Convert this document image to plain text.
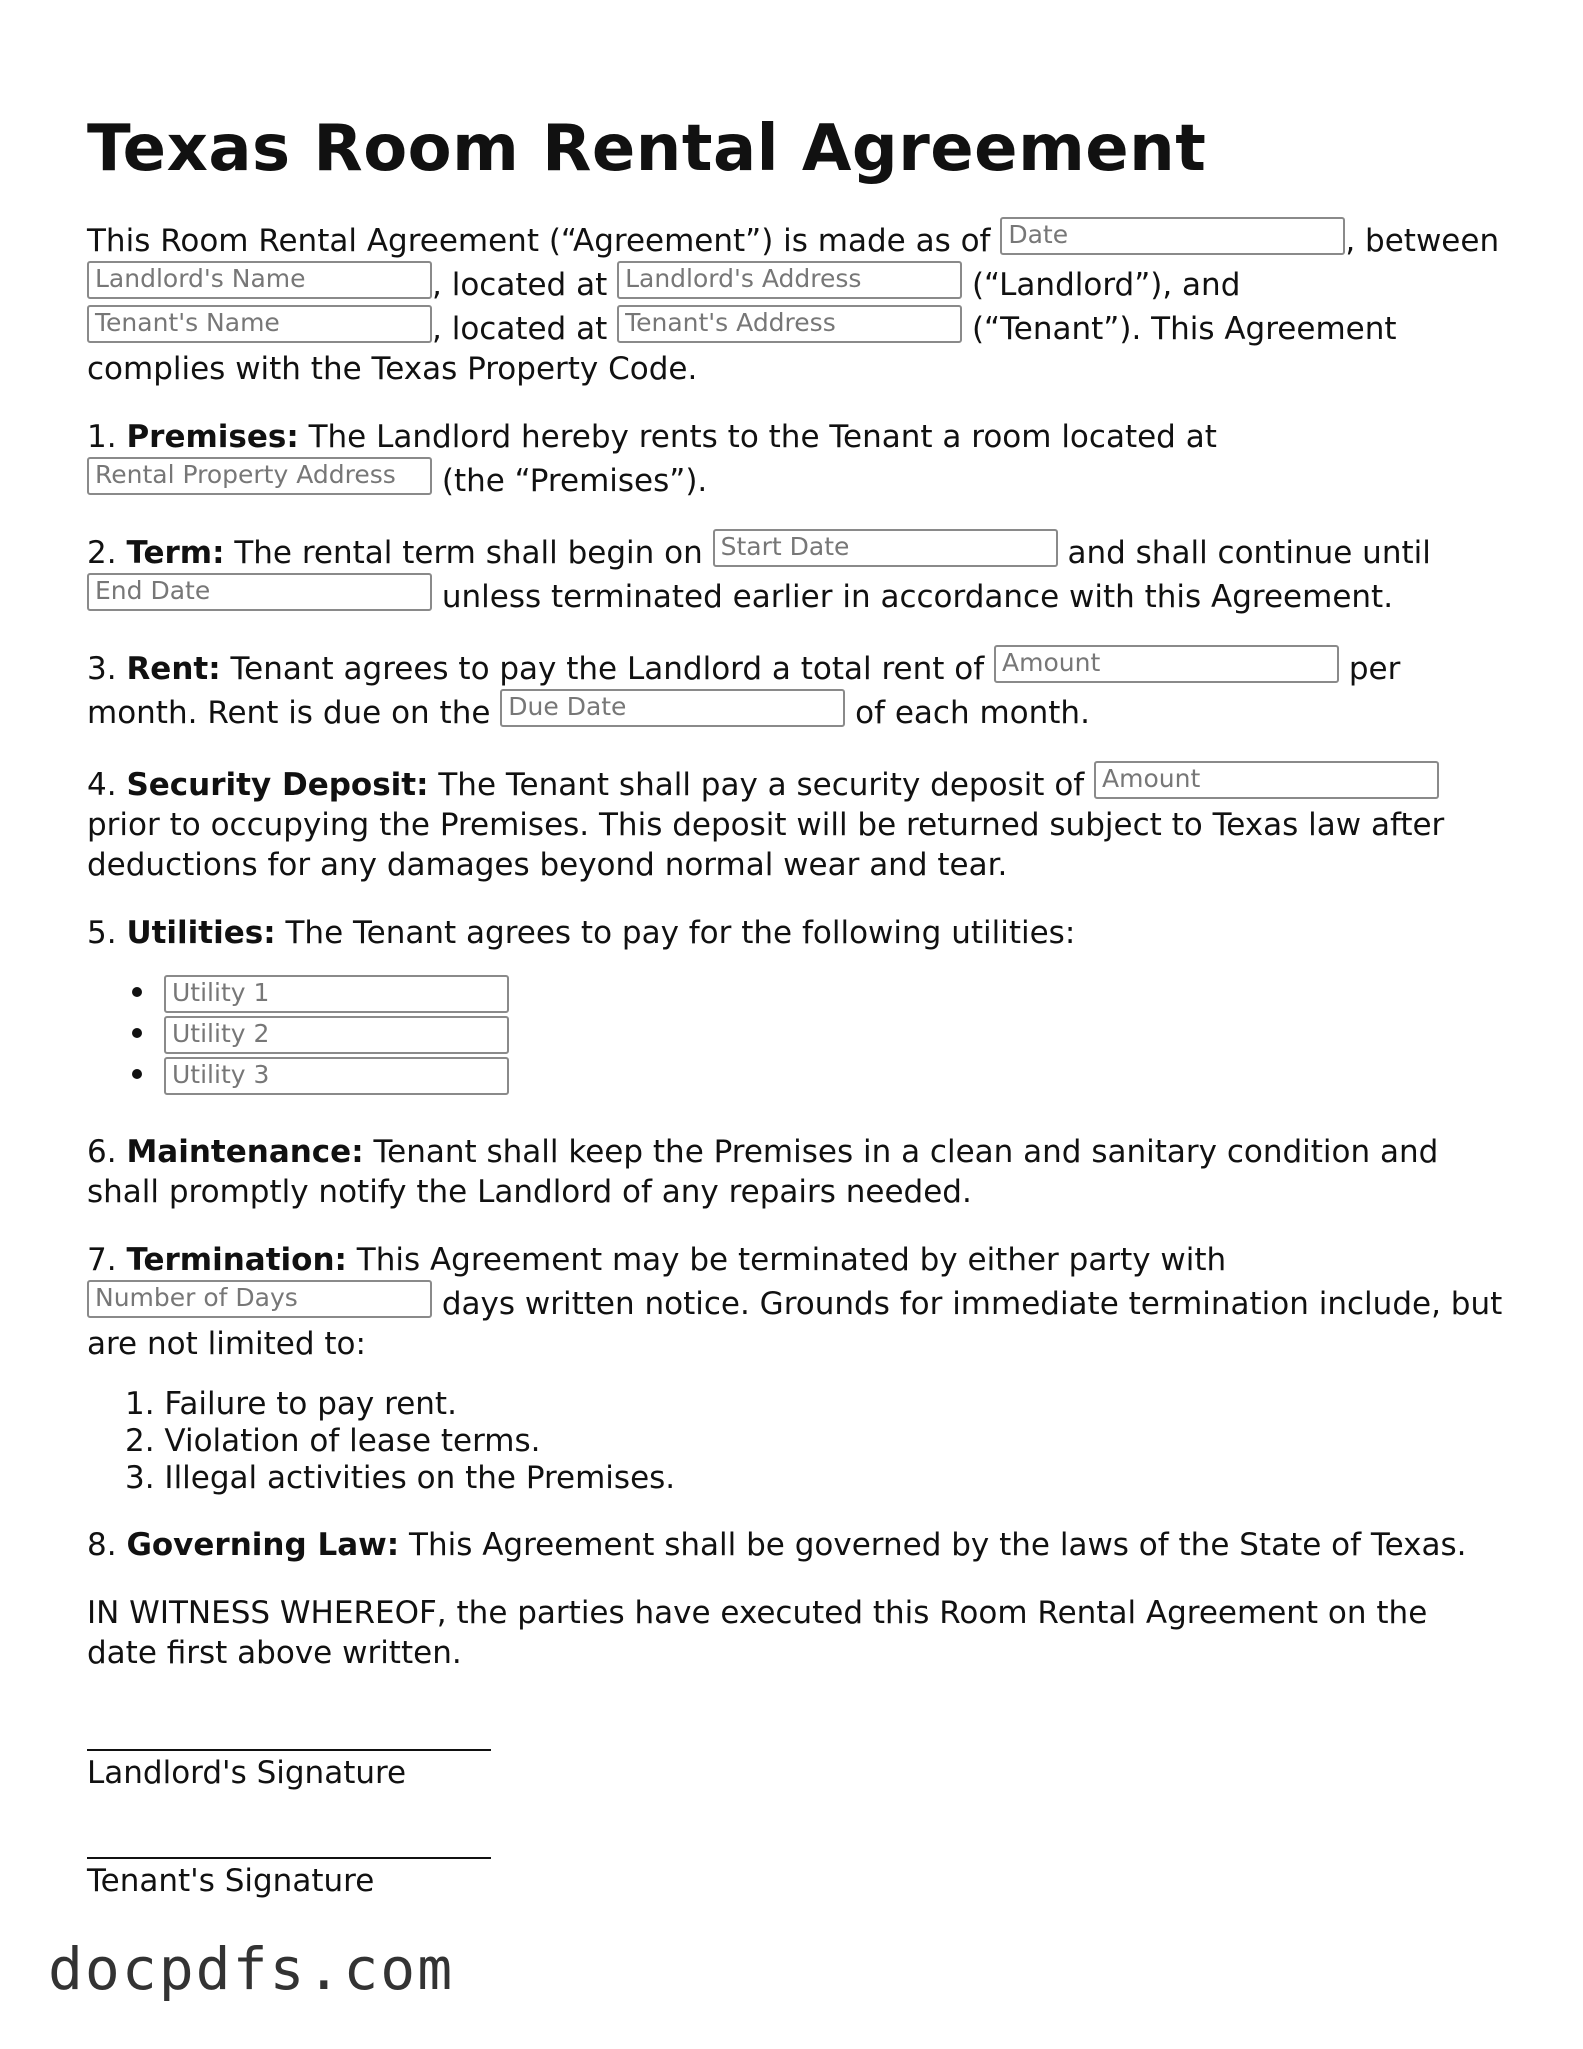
Texas Room Rental Agreement

This Room Rental Agreement (“Agreement”) is made as of Date	, between Landlord's Name	, located at Landlord's Address	(“Landlord”), and Tenant's Name	, located at Tenant's Address	(“Tenant”). This Agreement complies with the Texas Property Code.

1. Premises: The Landlord hereby rents to the Tenant a room located at Rental Property Address (the “Premises”).

2. Term: The rental term shall begin on Start Date	and shall continue until End Date	unless terminated earlier in accordance with this Agreement.

3. Rent: Tenant agrees to pay the Landlord a total rent of Amount	per month. Rent is due on the Due Date	of each month.

4. Security Deposit: The Tenant shall pay a security deposit of Amount prior to occupying the Premises. This deposit will be returned subject to Texas law after deductions for any damages beyond normal wear and tear.

5. Utilities: The Tenant agrees to pay for the following utilities:

Utility 1
Utility 2
Utility 3

6. Maintenance: Tenant shall keep the Premises in a clean and sanitary condition and shall promptly notify the Landlord of any repairs needed.

7. Termination: This Agreement may be terminated by either party with Number of Days	days written notice. Grounds for immediate termination include, but are not limited to:

1. Failure to pay rent.
2. Violation of lease terms.
3. Illegal activities on the Premises.

8. Governing Law: This Agreement shall be governed by the laws of the State of Texas.

IN WITNESS WHEREOF, the parties have executed this Room Rental Agreement on the date first above written.

Landlord's Signature
Tenant's Signature
docpdfs.com
